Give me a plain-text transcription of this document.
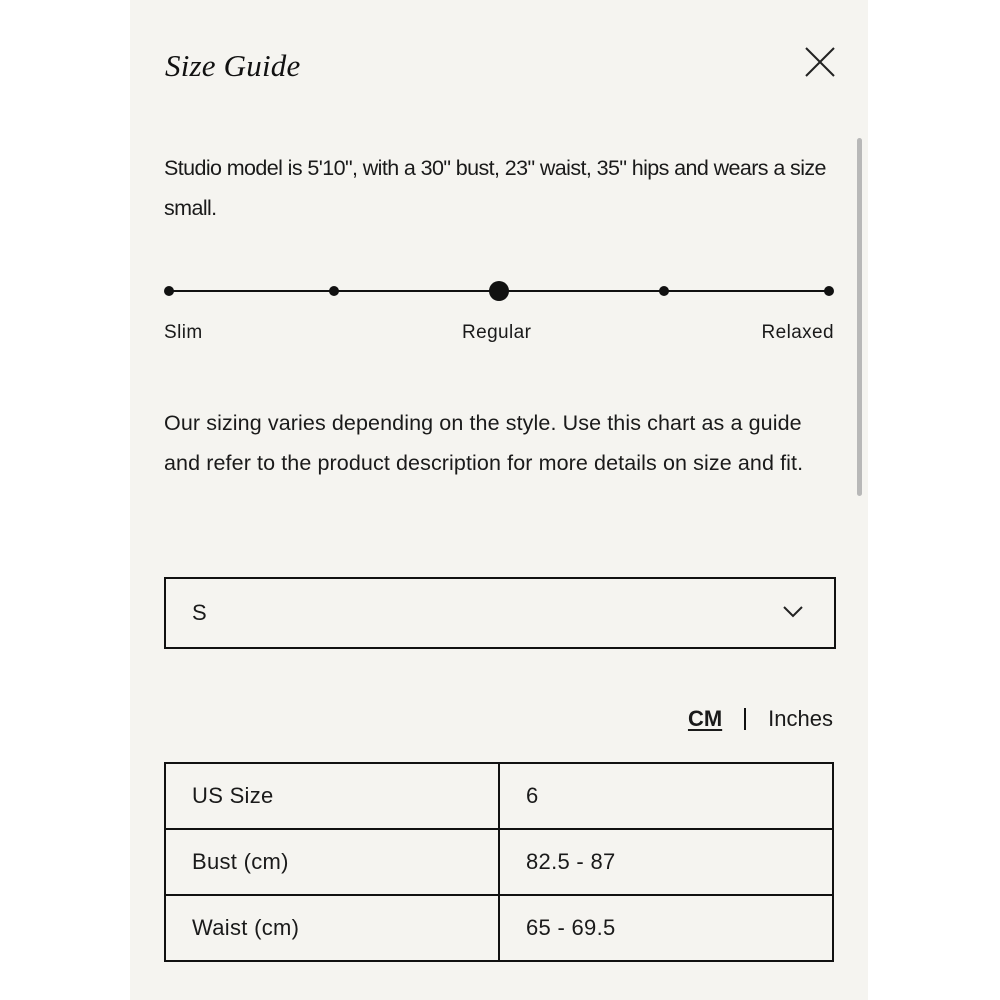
Size Guide
Studio model is 5'10", with a 30" bust, 23" waist, 35" hips and wears a size small.
Slim	Regular	Relaxed
Our sizing varies depending on the style. Use this chart as a guide and refer to the product description for more details on size and fit.
S
CM Inches
US Size	6
Bust (cm)	82.5 - 87
Waist (cm)	65 - 69.5
